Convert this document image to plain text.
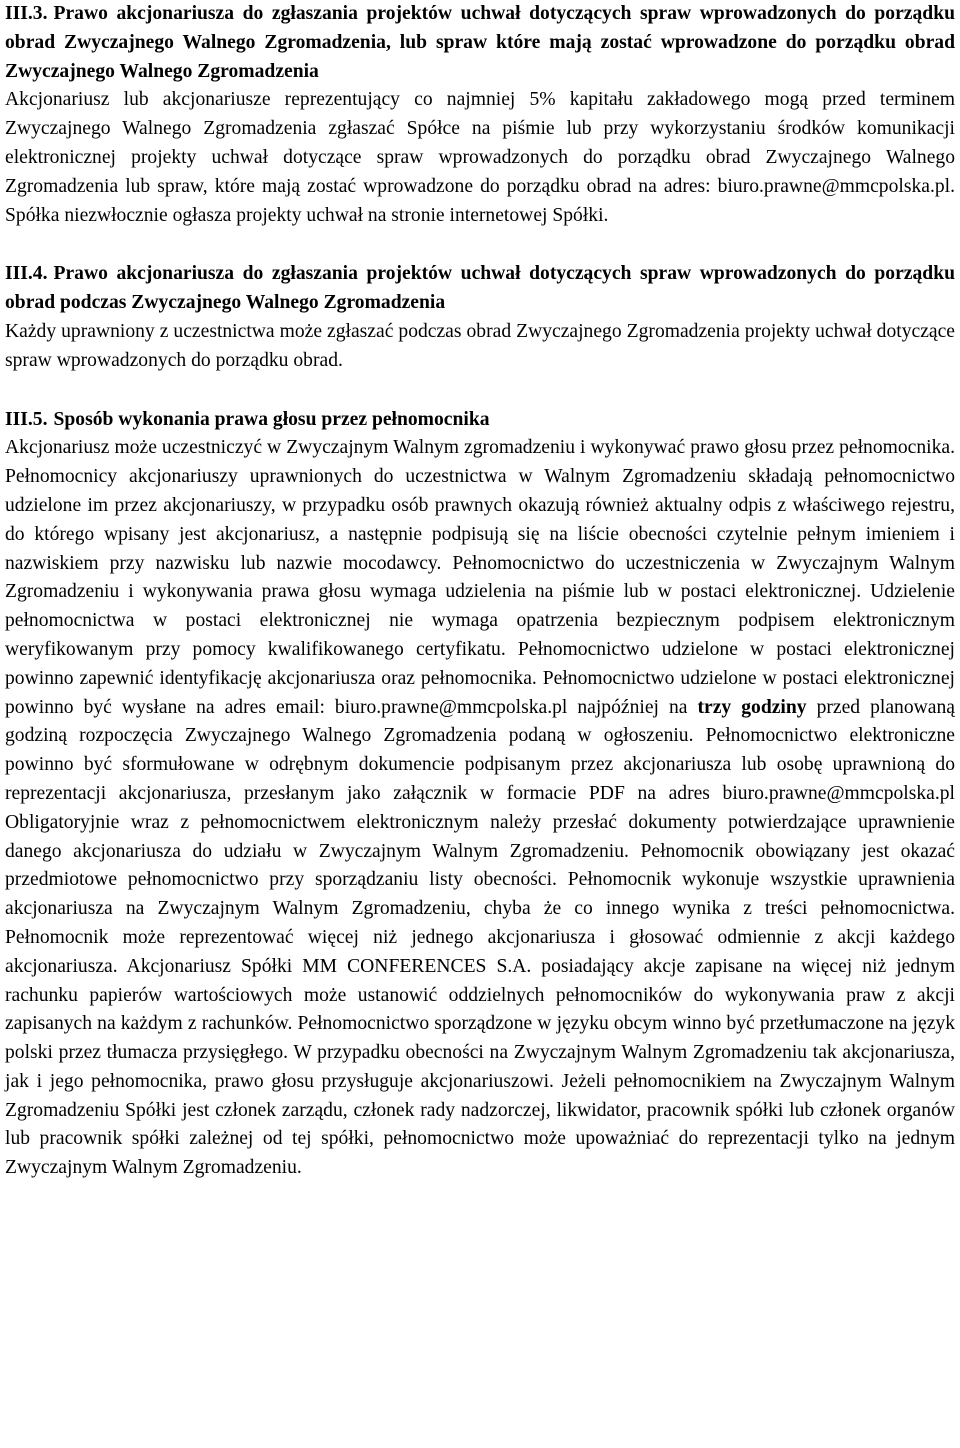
III.3. Prawo akcjonariusza do zgłaszania projektów uchwał dotyczących spraw wprowadzonych do porządku obrad Zwyczajnego Walnego Zgromadzenia, lub spraw które mają zostać wprowadzone do porządku obrad Zwyczajnego Walnego Zgromadzenia

Akcjonariusz lub akcjonariusze reprezentujący co najmniej 5% kapitału zakładowego mogą przed terminem Zwyczajnego Walnego Zgromadzenia zgłaszać Spółce na piśmie lub przy wykorzystaniu środków komunikacji elektronicznej projekty uchwał dotyczące spraw wprowadzonych do porządku obrad Zwyczajnego Walnego Zgromadzenia lub spraw, które mają zostać wprowadzone do porządku obrad na adres: biuro.prawne@mmcpolska.pl. Spółka niezwłocznie ogłasza projekty uchwał na stronie internetowej Spółki.

III.4. Prawo akcjonariusza do zgłaszania projektów uchwał dotyczących spraw wprowadzonych do porządku obrad podczas Zwyczajnego Walnego Zgromadzenia

Każdy uprawniony z uczestnictwa może zgłaszać podczas obrad Zwyczajnego Zgromadzenia projekty uchwał dotyczące spraw wprowadzonych do porządku obrad.

III.5. Sposób wykonania prawa głosu przez pełnomocnika

Akcjonariusz może uczestniczyć w Zwyczajnym Walnym zgromadzeniu i wykonywać prawo głosu przez pełnomocnika. Pełnomocnicy akcjonariuszy uprawnionych do uczestnictwa w Walnym Zgromadzeniu składają pełnomocnictwo udzielone im przez akcjonariuszy, w przypadku osób prawnych okazują również aktualny odpis z właściwego rejestru, do którego wpisany jest akcjonariusz, a następnie podpisują się na liście obecności czytelnie pełnym imieniem i nazwiskiem przy nazwisku lub nazwie mocodawcy. Pełnomocnictwo do uczestniczenia w Zwyczajnym Walnym Zgromadzeniu i wykonywania prawa głosu wymaga udzielenia na piśmie lub w postaci elektronicznej. Udzielenie pełnomocnictwa w postaci elektronicznej nie wymaga opatrzenia bezpiecznym podpisem elektronicznym weryfikowanym przy pomocy kwalifikowanego certyfikatu. Pełnomocnictwo udzielone w postaci elektronicznej powinno zapewnić identyfikację akcjonariusza oraz pełnomocnika. Pełnomocnictwo udzielone w postaci elektronicznej powinno być wysłane na adres email: biuro.prawne@mmcpolska.pl najpóźniej na trzy godziny przed planowaną godziną rozpoczęcia Zwyczajnego Walnego Zgromadzenia podaną w ogłoszeniu. Pełnomocnictwo elektroniczne powinno być sformułowane w odrębnym dokumencie podpisanym przez akcjonariusza lub osobę uprawnioną do reprezentacji akcjonariusza, przesłanym jako załącznik w formacie PDF na adres biuro.prawne@mmcpolska.pl Obligatoryjnie wraz z pełnomocnictwem elektronicznym należy przesłać dokumenty potwierdzające uprawnienie danego akcjonariusza do udziału w Zwyczajnym Walnym Zgromadzeniu. Pełnomocnik obowiązany jest okazać przedmiotowe pełnomocnictwo przy sporządzaniu listy obecności. Pełnomocnik wykonuje wszystkie uprawnienia akcjonariusza na Zwyczajnym Walnym Zgromadzeniu, chyba że co innego wynika z treści pełnomocnictwa. Pełnomocnik może reprezentować więcej niż jednego akcjonariusza i głosować odmiennie z akcji każdego akcjonariusza. Akcjonariusz Spółki MM CONFERENCES S.A. posiadający akcje zapisane na więcej niż jednym rachunku papierów wartościowych może ustanowić oddzielnych pełnomocników do wykonywania praw z akcji zapisanych na każdym z rachunków. Pełnomocnictwo sporządzone w języku obcym winno być przetłumaczone na język polski przez tłumacza przysięgłego. W przypadku obecności na Zwyczajnym Walnym Zgromadzeniu tak akcjonariusza, jak i jego pełnomocnika, prawo głosu przysługuje akcjonariuszowi. Jeżeli pełnomocnikiem na Zwyczajnym Walnym Zgromadzeniu Spółki jest członek zarządu, członek rady nadzorczej, likwidator, pracownik spółki lub członek organów lub pracownik spółki zależnej od tej spółki, pełnomocnictwo może upoważniać do reprezentacji tylko na jednym Zwyczajnym Walnym Zgromadzeniu.
